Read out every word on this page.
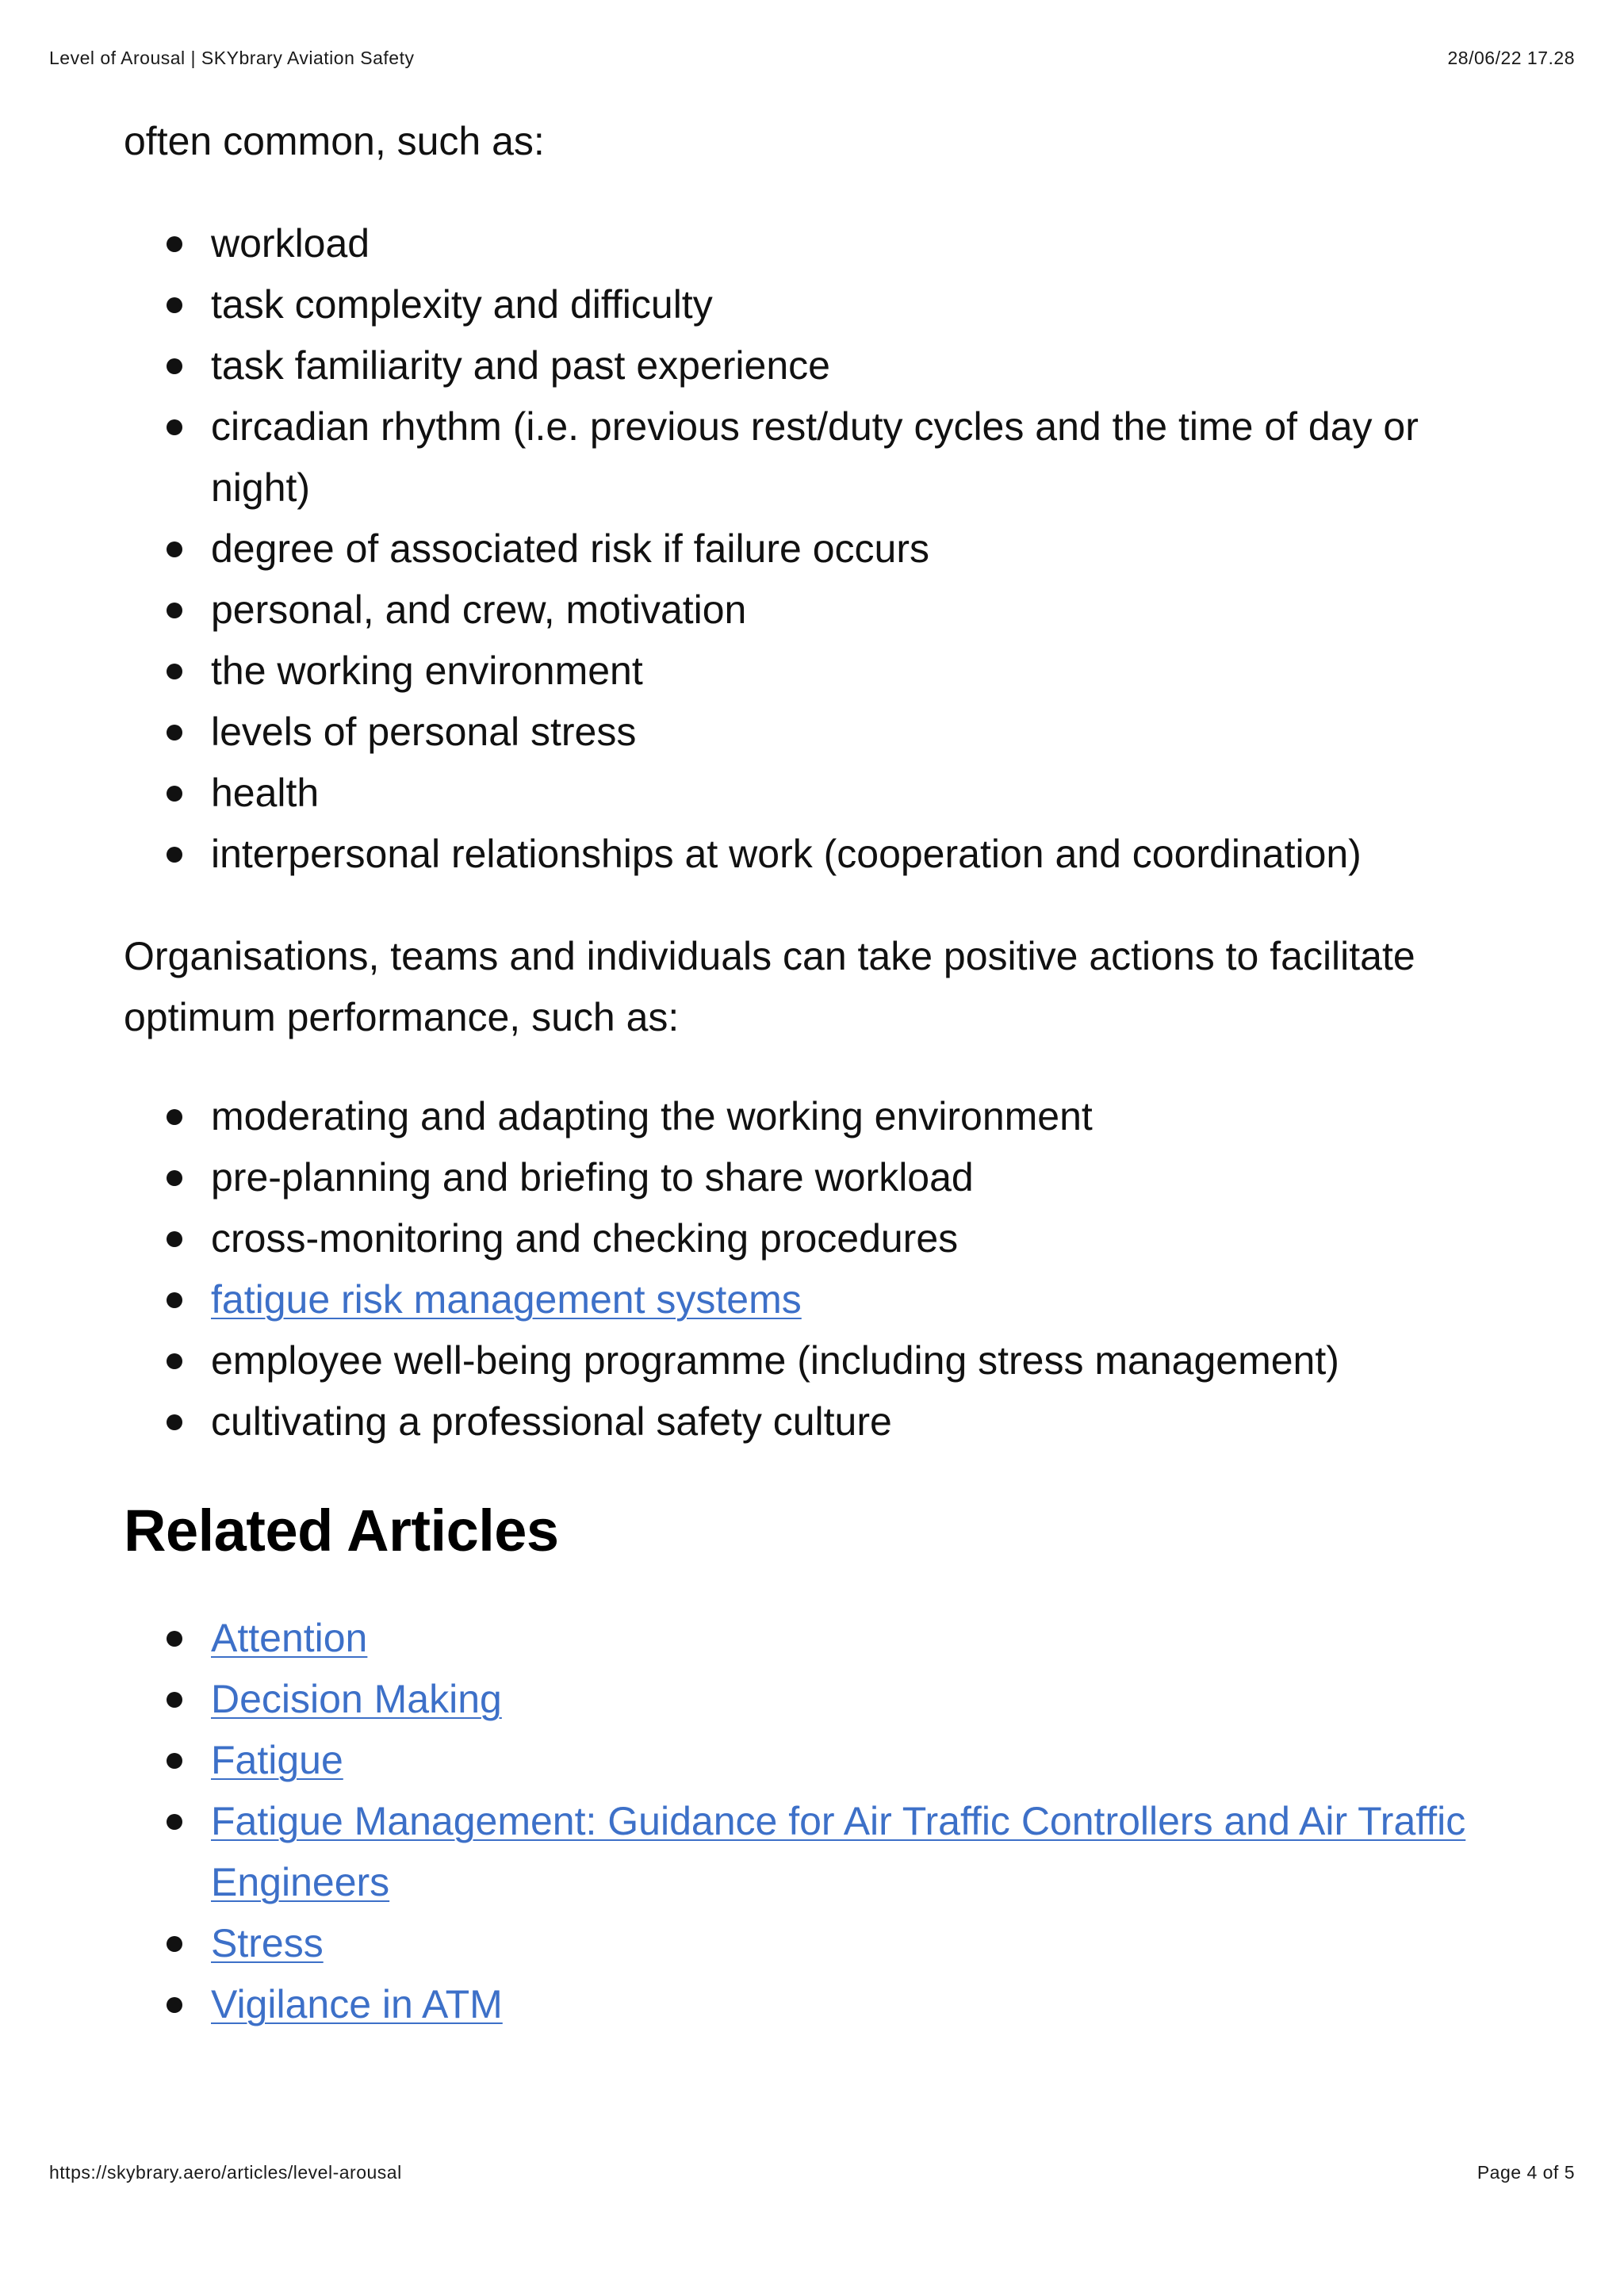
Level of Arousal | SKYbrary Aviation Safety	28/06/22 17.28

often common, such as:

workload
task complexity and difficulty
task familiarity and past experience
circadian rhythm (i.e. previous rest/duty cycles and the time of day or night)
degree of associated risk if failure occurs
personal, and crew, motivation
the working environment
levels of personal stress
health
interpersonal relationships at work (cooperation and coordination)

Organisations, teams and individuals can take positive actions to facilitate optimum performance, such as:

moderating and adapting the working environment
pre-planning and briefing to share workload
cross-monitoring and checking procedures
fatigue risk management systems
employee well-being programme (including stress management)
cultivating a professional safety culture
Related Articles
Attention
Decision Making
Fatigue
Fatigue Management: Guidance for Air Traffic Controllers and Air Traffic Engineers
Stress
Vigilance in ATM
https://skybrary.aero/articles/level-arousal	Page 4 of 5
